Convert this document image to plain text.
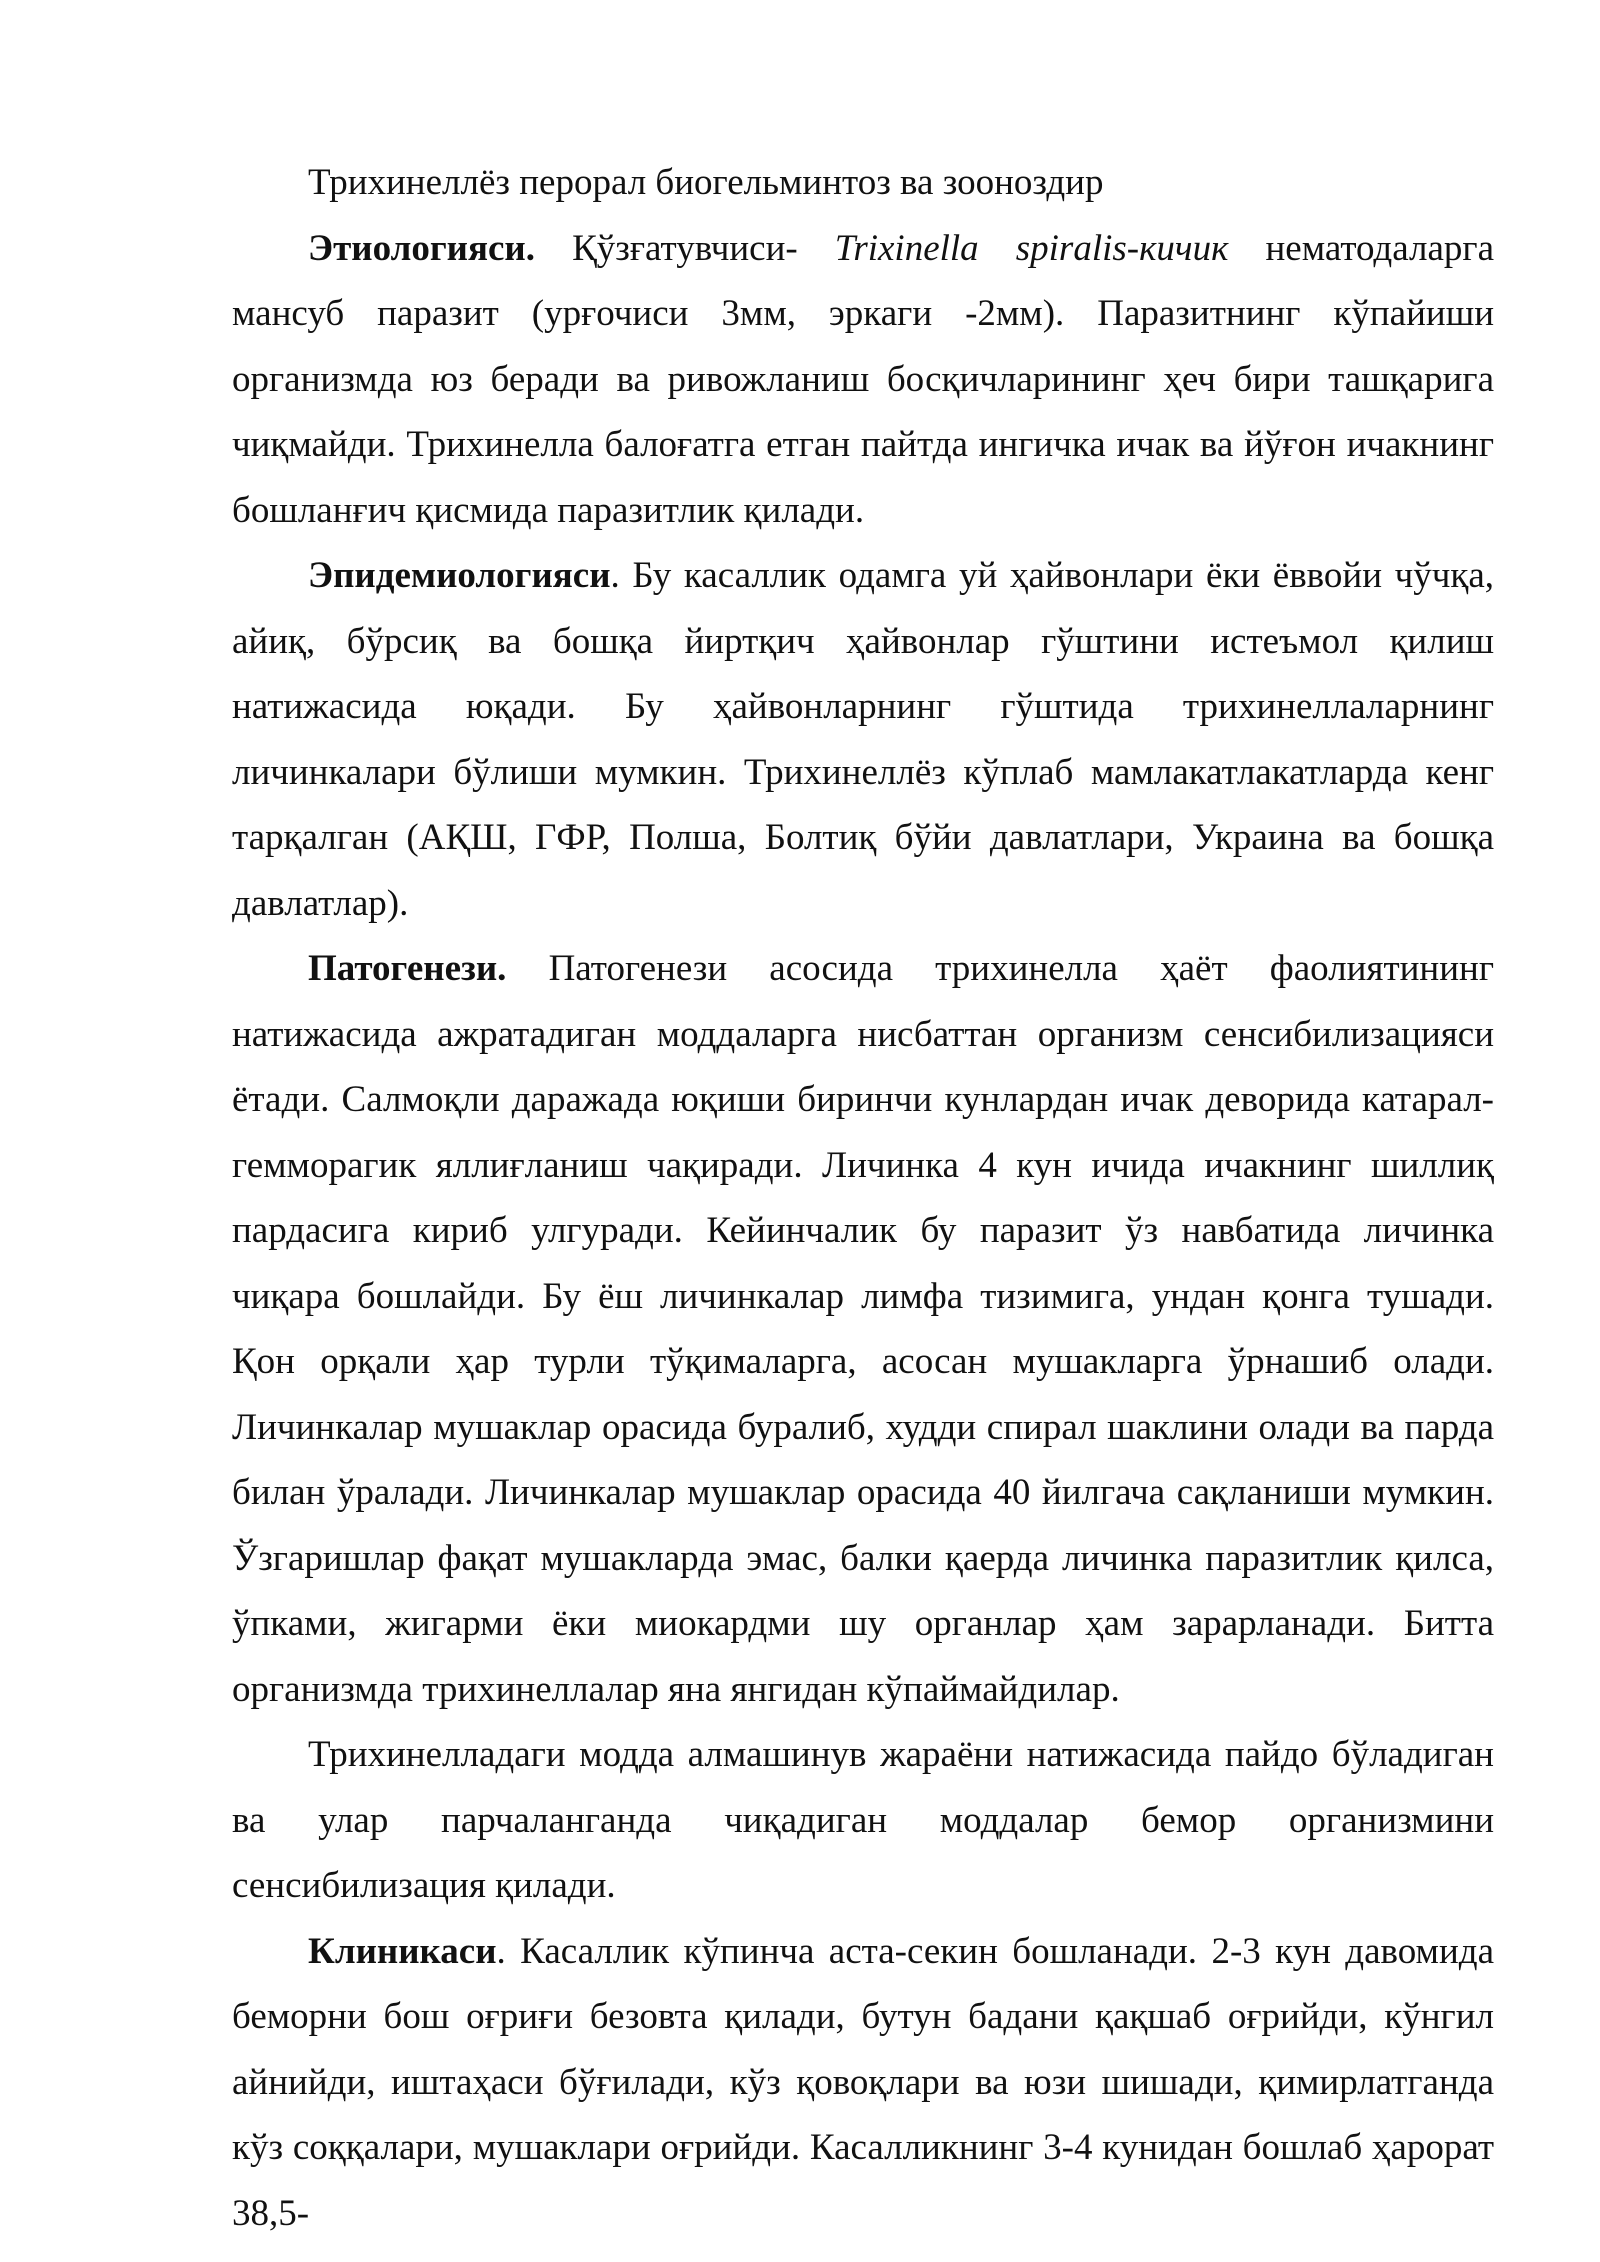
Трихинеллёз перорал биогельминтоз ва зооноздир

Этиологияси. Қўзғатувчиси- Trixinella spiralis-кичик нематодаларга мансуб паразит (урғочиси 3мм, эркаги -2мм). Паразитнинг кўпайиши организмда юз беради ва ривожланиш босқичларининг ҳеч бири ташқарига чиқмайди. Трихинелла балоғатга етган пайтда ингичка ичак ва йўғон ичакнинг бошланғич қисмида паразитлик қилади.

Эпидемиологияси. Бу касаллик одамга уй ҳайвонлари ёки ёввойи чўчқа, айиқ, бўрсиқ ва бошқа йиртқич ҳайвонлар гўштини истеъмол қилиш натижасида юқади. Бу ҳайвонларнинг гўштида трихинеллаларнинг личинкалари бўлиши мумкин. Трихинеллёз кўплаб мамлакатлакатларда кенг тарқалган (АҚШ, ГФР, Полша, Болтиқ бўйи давлатлари, Украина ва бошқа давлатлар).

Патогенези. Патогенези асосида трихинелла ҳаёт фаолиятининг натижасида ажратадиган моддаларга нисбаттан организм сенсибилизацияси ётади. Салмоқли даражада юқиши биринчи кунлардан ичак деворида катарал-гемморагик яллиғланиш чақиради. Личинка 4 кун ичида ичакнинг шиллиқ пардасига кириб улгуради. Кейинчалик бу паразит ўз навбатида личинка чиқара бошлайди. Бу ёш личинкалар лимфа тизимига, ундан қонга тушади. Қон орқали ҳар турли тўқималарга, асосан мушакларга ўрнашиб олади. Личинкалар мушаклар орасида буралиб, худди спирал шаклини олади ва парда билан ўралади. Личинкалар мушаклар орасида 40 йилгача сақланиши мумкин. Ўзгаришлар фақат мушакларда эмас, балки қаерда личинка паразитлик қилса, ўпками, жигарми ёки миокардми шу органлар ҳам зарарланади. Битта организмда трихинеллалар яна янгидан кўпаймайдилар.

Трихинелладаги модда алмашинув жараёни натижасида пайдо бўладиган ва улар парчаланганда чиқадиган моддалар бемор организмини сенсибилизация қилади.

Клиникаси. Касаллик кўпинча аста-секин бошланади. 2-3 кун давомида беморни бош оғриғи безовта қилади, бутун бадани қақшаб оғрийди, кўнгил айнийди, иштаҳаси бўғилади, кўз қовоқлари ва юзи шишади, қимирлатганда кўз соққалари, мушаклари оғрийди. Касалликнинг 3-4 кунидан бошлаб ҳарорат 38,5-
